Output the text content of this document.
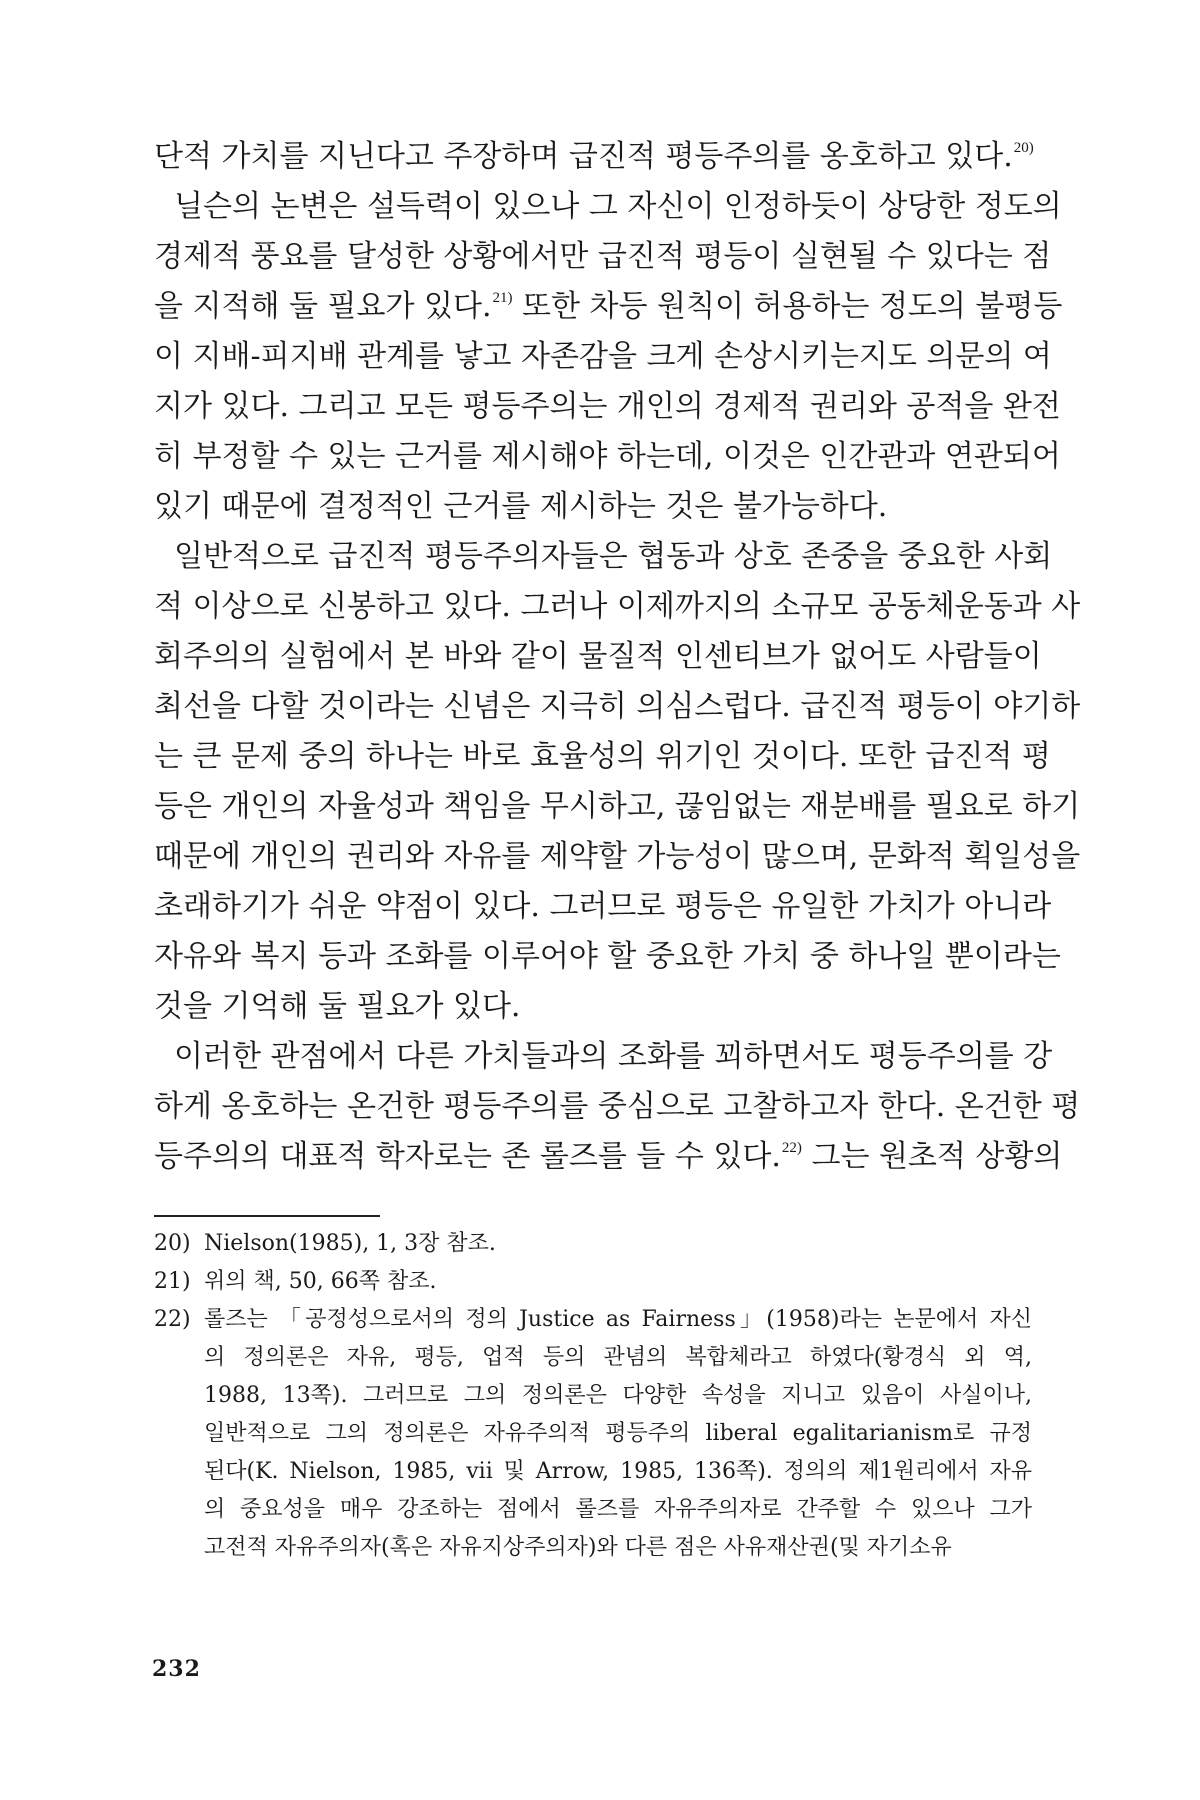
단적 가치를 지닌다고 주장하며 급진적 평등주의를 옹호하고 있다.$^{20)}$
닐슨의 논변은 설득력이 있으나 그 자신이 인정하듯이 상당한 정도의
경제적 풍요를 달성한 상황에서만 급진적 평등이 실현될 수 있다는 점
을 지적해 둘 필요가 있다.$^{21)}$ 또한 차등 원칙이 허용하는 정도의 불평등
이 지배-피지배 관계를 낳고 자존감을 크게 손상시키는지도 의문의 여
지가 있다. 그리고 모든 평등주의는 개인의 경제적 권리와 공적을 완전
히 부정할 수 있는 근거를 제시해야 하는데, 이것은 인간관과 연관되어
있기 때문에 결정적인 근거를 제시하는 것은 불가능하다.
일반적으로 급진적 평등주의자들은 협동과 상호 존중을 중요한 사회
적 이상으로 신봉하고 있다. 그러나 이제까지의 소규모 공동체운동과 사
회주의의 실험에서 본 바와 같이 물질적 인센티브가 없어도 사람들이
최선을 다할 것이라는 신념은 지극히 의심스럽다. 급진적 평등이 야기하
는 큰 문제 중의 하나는 바로 효율성의 위기인 것이다. 또한 급진적 평
등은 개인의 자율성과 책임을 무시하고, 끊임없는 재분배를 필요로 하기
때문에 개인의 권리와 자유를 제약할 가능성이 많으며, 문화적 획일성을
초래하기가 쉬운 약점이 있다. 그러므로 평등은 유일한 가치가 아니라
자유와 복지 등과 조화를 이루어야 할 중요한 가치 중 하나일 뿐이라는
것을 기억해 둘 필요가 있다.
이러한 관점에서 다른 가치들과의 조화를 꾀하면서도 평등주의를 강
하게 옹호하는 온건한 평등주의를 중심으로 고찰하고자 한다. 온건한 평
등주의의 대표적 학자로는 존 롤즈를 들 수 있다.$^{22)}$ 그는 원초적 상황의
20) Nielson(1985), 1, 3장 참조.
21) 위의 책, 50, 66쪽 참조.
22) 롤즈는 「공정성으로서의 정의 Justice as Fairness」(1958)라는 논문에서 자신
의 정의론은 자유, 평등, 업적 등의 관념의 복합체라고 하였다(황경식 외 역,
1988, 13쪽). 그러므로 그의 정의론은 다양한 속성을 지니고 있음이 사실이나,
일반적으로 그의 정의론은 자유주의적 평등주의 liberal egalitarianism로 규정
된다(K. Nielson, 1985, vii 및 Arrow, 1985, 136쪽). 정의의 제1원리에서 자유
의 중요성을 매우 강조하는 점에서 롤즈를 자유주의자로 간주할 수 있으나 그가
고전적 자유주의자(혹은 자유지상주의자)와 다른 점은 사유재산권(및 자기소유
232
